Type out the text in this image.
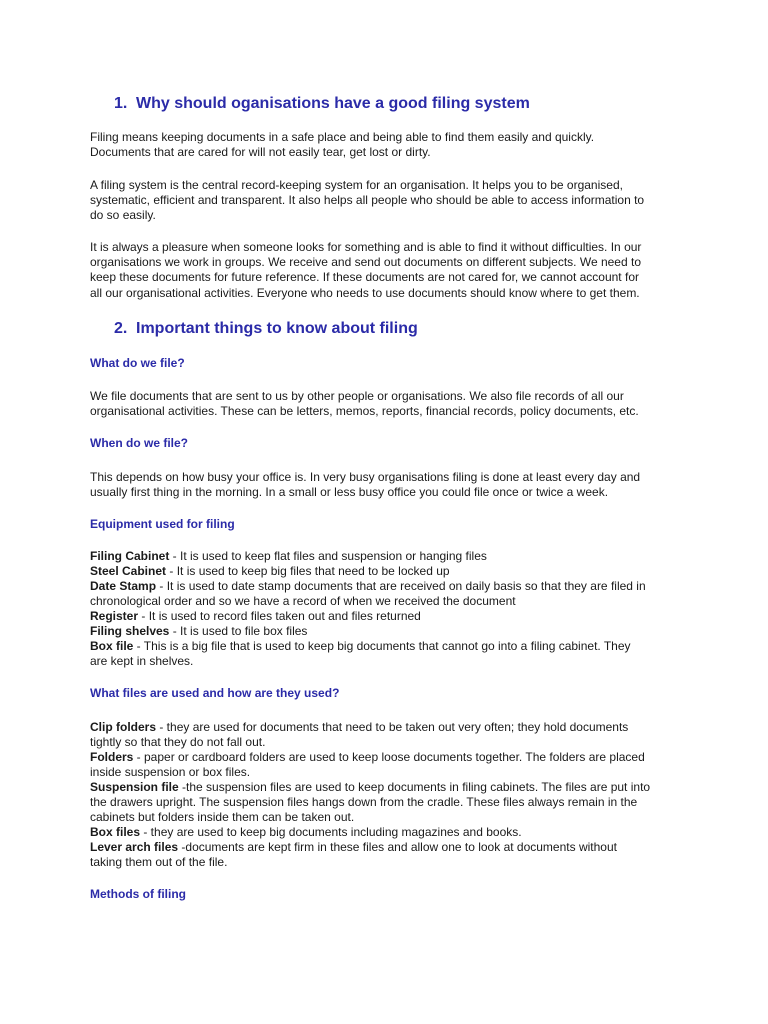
1. Why should oganisations have a good filing system

Filing means keeping documents in a safe place and being able to find them easily and quickly.
Documents that are cared for will not easily tear, get lost or dirty.

A filing system is the central record-keeping system for an organisation. It helps you to be organised,
systematic, efficient and transparent. It also helps all people who should be able to access information to
do so easily.

It is always a pleasure when someone looks for something and is able to find it without difficulties. In our
organisations we work in groups. We receive and send out documents on different subjects. We need to
keep these documents for future reference. If these documents are not cared for, we cannot account for
all our organisational activities. Everyone who needs to use documents should know where to get them.

2. Important things to know about filing
What do we file?

We file documents that are sent to us by other people or organisations. We also file records of all our
organisational activities. These can be letters, memos, reports, financial records, policy documents, etc.

When do we file?

This depends on how busy your office is. In very busy organisations filing is done at least every day and
usually first thing in the morning. In a small or less busy office you could file once or twice a week.

Equipment used for filing
Filing Cabinet - It is used to keep flat files and suspension or hanging files
Steel Cabinet - It is used to keep big files that need to be locked up
Date Stamp - It is used to date stamp documents that are received on daily basis so that they are filed in
chronological order and so we have a record of when we received the document
Register - It is used to record files taken out and files returned
Filing shelves - It is used to file box files
Box file - This is a big file that is used to keep big documents that cannot go into a filing cabinet. They
are kept in shelves.
What files are used and how are they used?
Clip folders - they are used for documents that need to be taken out very often; they hold documents
tightly so that they do not fall out.
Folders - paper or cardboard folders are used to keep loose documents together. The folders are placed
inside suspension or box files.
Suspension file -the suspension files are used to keep documents in filing cabinets. The files are put into
the drawers upright. The suspension files hangs down from the cradle. These files always remain in the
cabinets but folders inside them can be taken out.
Box files - they are used to keep big documents including magazines and books.
Lever arch files -documents are kept firm in these files and allow one to look at documents without
taking them out of the file.
Methods of filing
